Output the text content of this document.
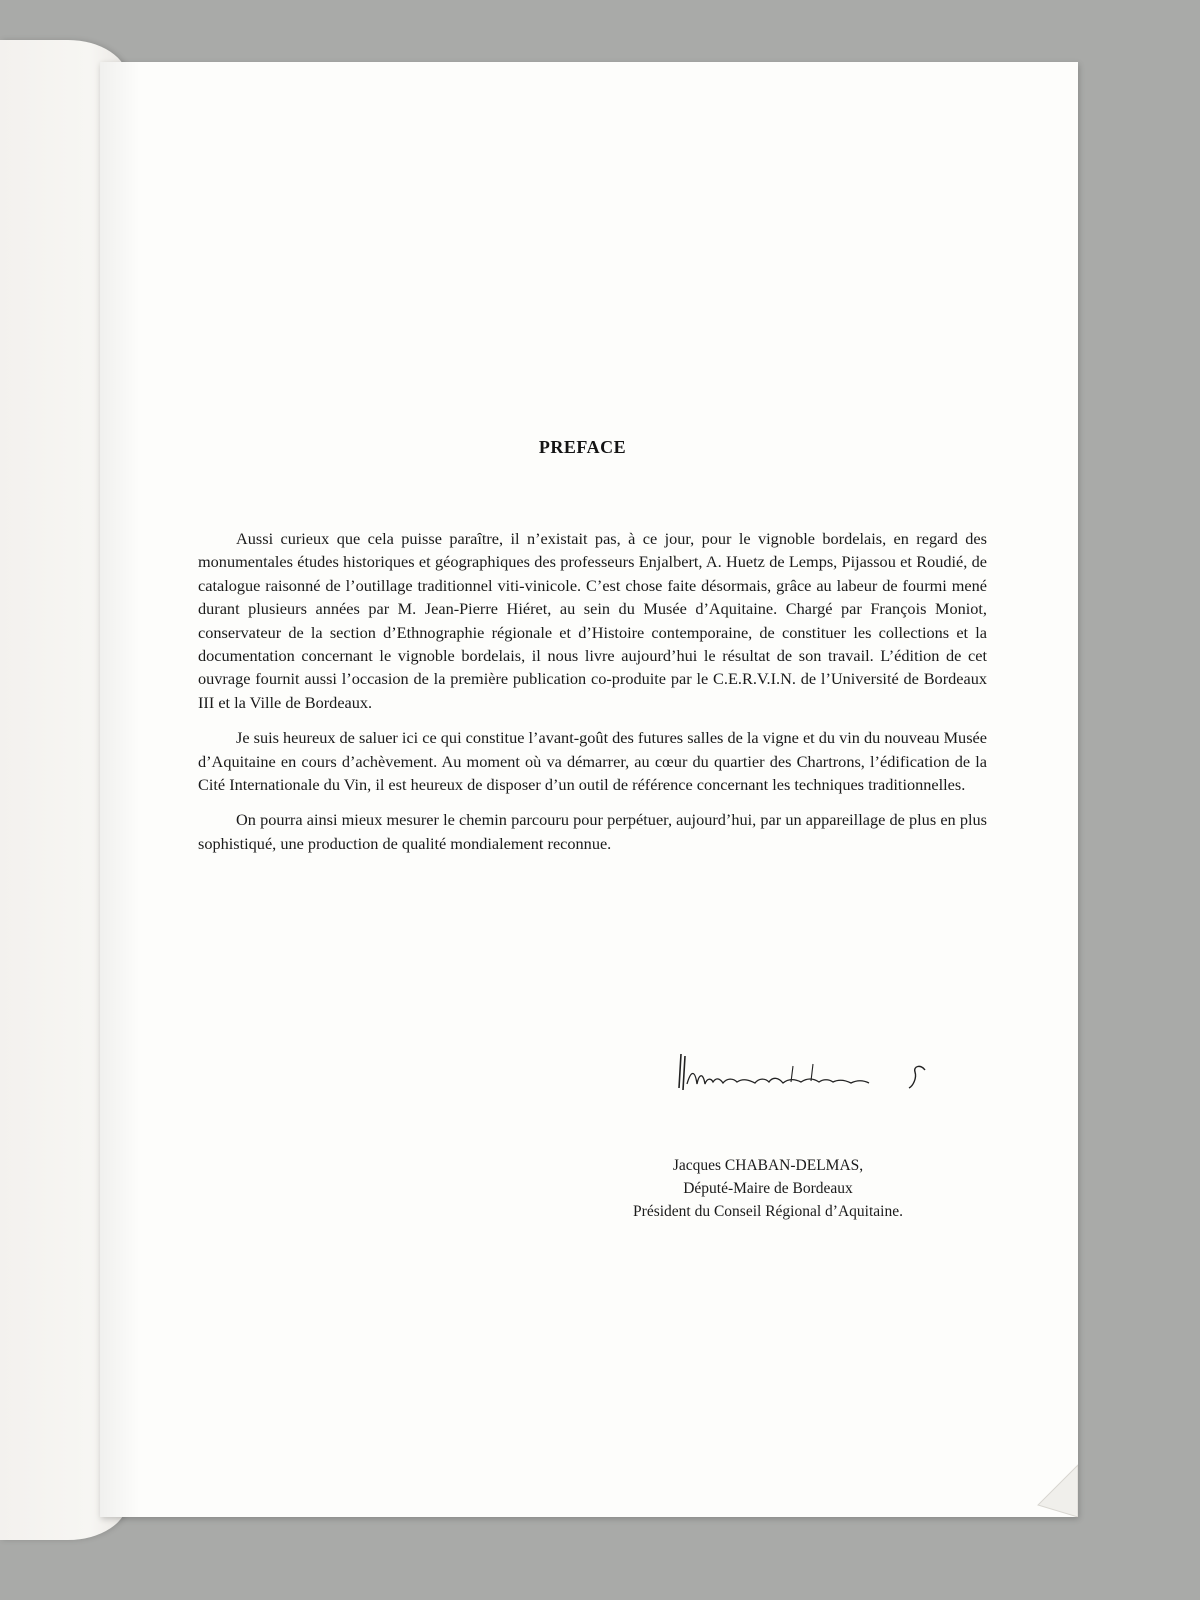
PREFACE

Aussi curieux que cela puisse paraître, il n’existait pas, à ce jour, pour le vignoble bordelais, en regard des monumentales études historiques et géographiques des professeurs Enjalbert, A. Huetz de Lemps, Pijassou et Roudié, de catalogue raisonné de l’outillage traditionnel viti-vinicole. C’est chose faite désormais, grâce au labeur de fourmi mené durant plusieurs années par M. Jean-Pierre Hiéret, au sein du Musée d’Aquitaine. Chargé par François Moniot, conservateur de la section d’Ethnographie régionale et d’Histoire contemporaine, de constituer les collections et la documentation concernant le vignoble bordelais, il nous livre aujourd’hui le résultat de son travail. L’édition de cet ouvrage fournit aussi l’occasion de la première publication co-produite par le C.E.R.V.I.N. de l’Université de Bordeaux III et la Ville de Bordeaux.

Je suis heureux de saluer ici ce qui constitue l’avant-goût des futures salles de la vigne et du vin du nouveau Musée d’Aquitaine en cours d’achèvement. Au moment où va démarrer, au cœur du quartier des Chartrons, l’édification de la Cité Internationale du Vin, il est heureux de disposer d’un outil de référence concernant les techniques traditionnelles.

On pourra ainsi mieux mesurer le chemin parcouru pour perpétuer, aujourd’hui, par un appareillage de plus en plus sophistiqué, une production de qualité mondialement reconnue.

Jacques CHABAN-DELMAS,
Député-Maire de Bordeaux
Président du Conseil Régional d’Aquitaine.
